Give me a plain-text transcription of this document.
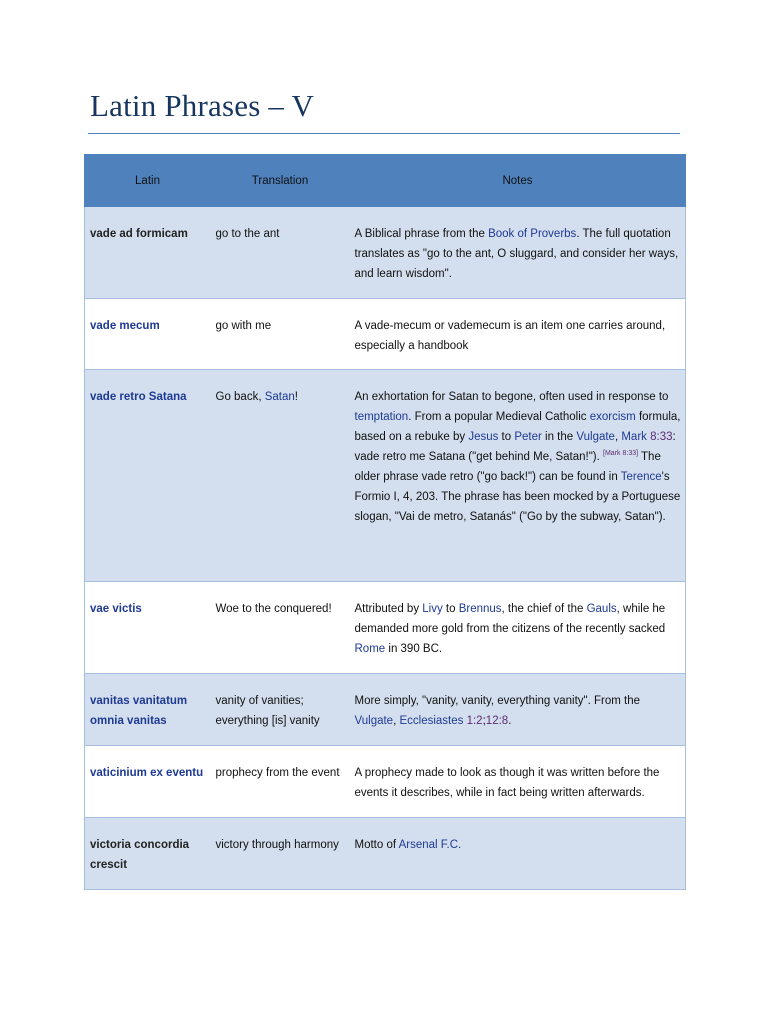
Latin Phrases – V
Latin	Translation	Notes
vade ad formicam	go to the ant	A Biblical phrase from the Book of Proverbs. The full quotation translates as "go to the ant, O sluggard, and consider her ways, and learn wisdom".
vade mecum	go with me	A vade-mecum or vademecum is an item one carries around, especially a handbook
vade retro Satana	Go back, Satan!	An exhortation for Satan to begone, often used in response to temptation. From a popular Medieval Catholic exorcism formula, based on a rebuke by Jesus to Peter in the Vulgate, Mark 8:33: vade retro me Satana ("get behind Me, Satan!"). [Mark 8:33] The older phrase vade retro ("go back!") can be found in Terence's Formio I, 4, 203. The phrase has been mocked by a Portuguese slogan, "Vai de metro, Satanás" ("Go by the subway, Satan").
vae victis	Woe to the conquered!	Attributed by Livy to Brennus, the chief of the Gauls, while he demanded more gold from the citizens of the recently sacked Rome in 390 BC.
vanitas vanitatum omnia vanitas	vanity of vanities; everything [is] vanity	More simply, "vanity, vanity, everything vanity". From the Vulgate, Ecclesiastes 1:2;12:8.
vaticinium ex eventu	prophecy from the event	A prophecy made to look as though it was written before the events it describes, while in fact being written afterwards.
victoria concordia crescit	victory through harmony	Motto of Arsenal F.C.
